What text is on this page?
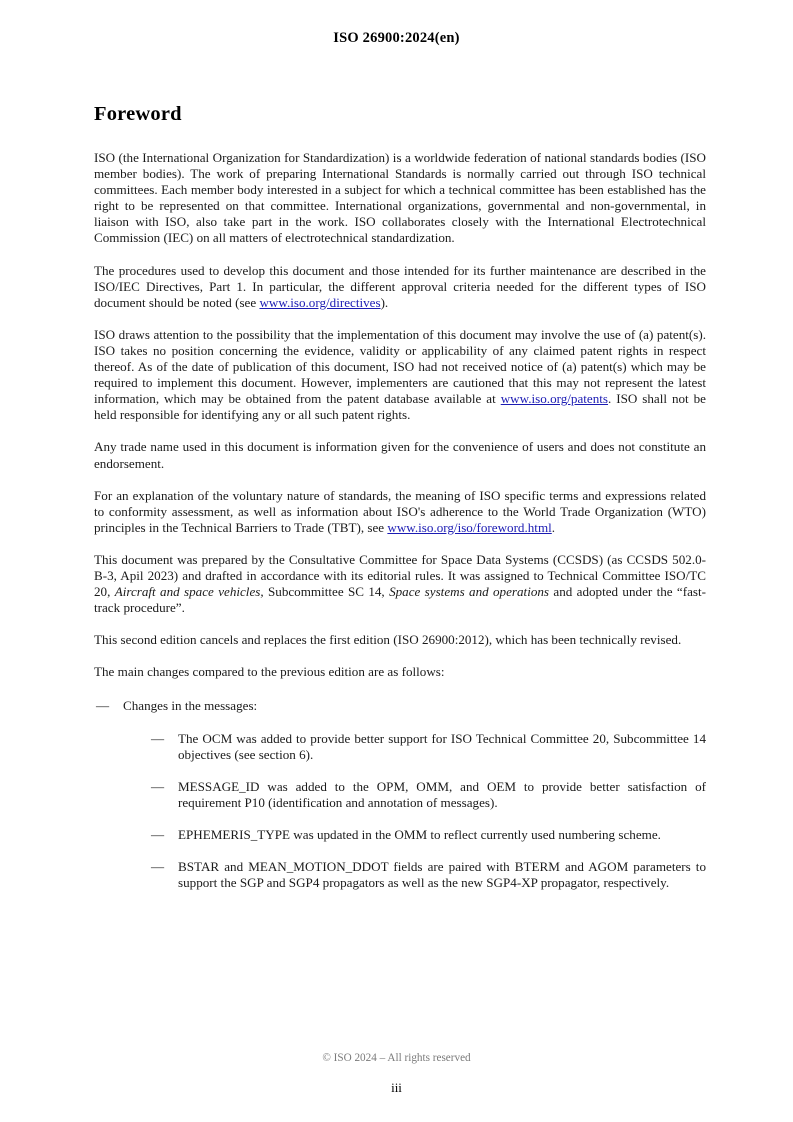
ISO 26900:2024(en)
Foreword

ISO (the International Organization for Standardization) is a worldwide federation of national standards bodies (ISO member bodies). The work of preparing International Standards is normally carried out through ISO technical committees. Each member body interested in a subject for which a technical committee has been established has the right to be represented on that committee. International organizations, governmental and non-governmental, in liaison with ISO, also take part in the work. ISO collaborates closely with the International Electrotechnical Commission (IEC) on all matters of electrotechnical standardization.

The procedures used to develop this document and those intended for its further maintenance are described in the ISO/IEC Directives, Part 1. In particular, the different approval criteria needed for the different types of ISO document should be noted (see www.iso.org/directives).

ISO draws attention to the possibility that the implementation of this document may involve the use of (a) patent(s). ISO takes no position concerning the evidence, validity or applicability of any claimed patent rights in respect thereof. As of the date of publication of this document, ISO had not received notice of (a) patent(s) which may be required to implement this document. However, implementers are cautioned that this may not represent the latest information, which may be obtained from the patent database available at www.iso.org/patents. ISO shall not be held responsible for identifying any or all such patent rights.

Any trade name used in this document is information given for the convenience of users and does not constitute an endorsement.

For an explanation of the voluntary nature of standards, the meaning of ISO specific terms and expressions related to conformity assessment, as well as information about ISO's adherence to the World Trade Organization (WTO) principles in the Technical Barriers to Trade (TBT), see www.iso.org/iso/foreword.html.

This document was prepared by the Consultative Committee for Space Data Systems (CCSDS) (as CCSDS 502.0-B-3, Apil 2023) and drafted in accordance with its editorial rules. It was assigned to Technical Committee ISO/TC 20, Aircraft and space vehicles, Subcommittee SC 14, Space systems and operations and adopted under the “fast-track procedure”.

This second edition cancels and replaces the first edition (ISO 26900:2012), which has been technically revised.

The main changes compared to the previous edition are as follows:

— Changes in the messages:
— The OCM was added to provide better support for ISO Technical Committee 20, Subcommittee 14 objectives (see section 6).
— MESSAGE_ID was added to the OPM, OMM, and OEM to provide better satisfaction of requirement P10 (identification and annotation of messages).
— EPHEMERIS_TYPE was updated in the OMM to reflect currently used numbering scheme.
— BSTAR and MEAN_MOTION_DDOT fields are paired with BTERM and AGOM parameters to support the SGP and SGP4 propagators as well as the new SGP4-XP propagator, respectively.
© ISO 2024 – All rights reserved
iii
